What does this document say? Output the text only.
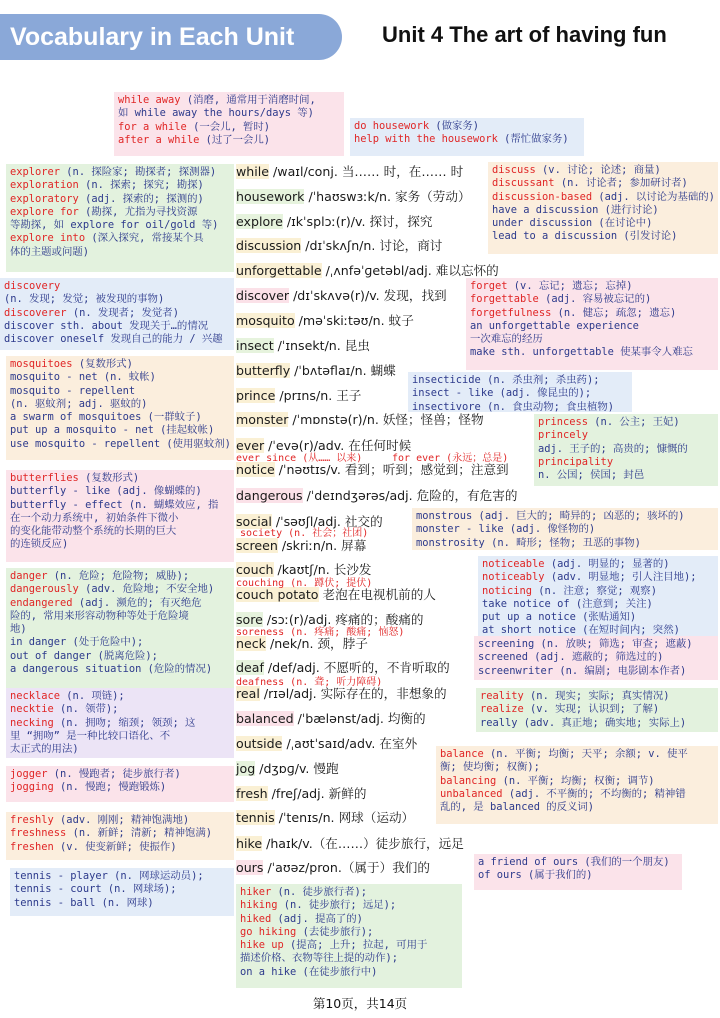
Vocabulary in Each Unit	Unit 4 The art of having fun
while away (消磨, 通常用于消磨时间,
如 while away the hours/days 等)
for a while (一会儿, 暂时)
after a while (过了一会儿)
do housework (做家务)
help with the housework (帮忙做家务)
explorer (n. 探险家; 勘探者; 探测器)
exploration (n. 探索; 探究; 勘探)
exploratory (adj. 探索的; 探测的)
explore for (勘探, 尤指为寻找资源
等勘探, 如 explore for oil/gold 等)
explore into (深入探究, 常接某个具
体的主题或问题)
discuss (v. 讨论; 论述; 商量)
discussant (n. 讨论者; 参加研讨者)
discussion-based (adj. 以讨论为基础的)
have a discussion (进行讨论)
under discussion (在讨论中)
lead to a discussion (引发讨论)
discovery
(n. 发现; 发觉; 被发现的事物)
discoverer (n. 发现者; 发觉者)
discover sth. about 发现关于…的情况
discover oneself 发现自己的能力 / 兴趣
forget (v. 忘记; 遗忘; 忘掉)
forgettable (adj. 容易被忘记的)
forgetfulness (n. 健忘; 疏忽; 遗忘)
an unforgettable experience
一次难忘的经历
make sth. unforgettable 使某事令人难忘
mosquitoes (复数形式)
mosquito - net (n. 蚊帐)
mosquito - repellent
(n. 驱蚊剂; adj. 驱蚊的)
a swarm of mosquitoes (一群蚊子)
put up a mosquito - net (挂起蚊帐)
use mosquito - repellent (使用驱蚊剂)
insecticide (n. 杀虫剂; 杀虫药);
insect - like (adj. 像昆虫的);
insectivore (n. 食虫动物; 食虫植物)
princess (n. 公主; 王妃)
princely
adj. 王子的; 高贵的; 慷慨的
principality
n. 公国; 侯国; 封邑
butterflies (复数形式)
butterfly - like (adj. 像蝴蝶的)
butterfly - effect (n. 蝴蝶效应, 指
在一个动力系统中, 初始条件下微小
的变化能带动整个系统的长期的巨大
的连锁反应)
monstrous (adj. 巨大的; 畸异的; 凶恶的; 骇坏的)
monster - like (adj. 像怪物的)
monstrosity (n. 畸形; 怪物; 丑恶的事物)
danger (n. 危险; 危险物; 威胁);
dangerously (adv. 危险地; 不安全地)
endangered (adj. 濒危的; 有灭绝危
险的, 常用来形容动物种等处于危险境
地)
in danger (处于危险中);
out of danger (脱离危险);
a dangerous situation (危险的情况)
noticeable (adj. 明显的; 显著的)
noticeably (adv. 明显地; 引人注目地);
noticing (n. 注意; 察觉; 观察)
take notice of (注意到; 关注)
put up a notice (张贴通知)
at short notice (在短时间内; 突然)
screening (n. 放映; 筛选; 审查; 遮蔽)
screened (adj. 遮蔽的; 筛选过的)
screenwriter (n. 编剧; 电影剧本作者)
necklace (n. 项链);
necktie (n. 领带);
necking (n. 拥吻; 缩颈; 领颈; 这
里 “拥吻” 是一种比较口语化、不
太正式的用法)
reality (n. 现实; 实际; 真实情况)
realize (v. 实现; 认识到; 了解)
really (adv. 真正地; 确实地; 实际上)
balance (n. 平衡; 均衡; 天平; 余额; v. 使平
衡; 使均衡; 权衡);
balancing (n. 平衡; 均衡; 权衡; 调节)
unbalanced (adj. 不平衡的; 不均衡的; 精神错
乱的, 是 balanced 的反义词)
jogger (n. 慢跑者; 徒步旅行者)
jogging (n. 慢跑; 慢跑锻炼)
freshly (adv. 刚刚; 精神饱满地)
freshness (n. 新鲜; 清新; 精神饱满)
freshen (v. 使变新鲜; 使振作)
a friend of ours (我们的一个朋友)
of ours (属于我们的)
tennis - player (n. 网球运动员);
tennis - court (n. 网球场);
tennis - ball (n. 网球)
hiker (n. 徒步旅行者);
hiking (n. 徒步旅行; 远足);
hiked (adj. 提高了的)
go hiking (去徒步旅行);
hike up (提高; 上升; 拉起, 可用于
描述价格、衣物等往上提的动作);
on a hike (在徒步旅行中)
while /waɪl/conj. 当…… 时，在…… 时
housework /ˈhaʊswɜːk/n. 家务（劳动）
explore /ɪkˈsplɔː(r)/v. 探讨，探究
discussion /dɪˈskʌʃn/n. 讨论，商讨
unforgettable /ˌʌnfəˈɡetəbl/adj. 难以忘怀的
discover /dɪˈskʌvə(r)/v. 发现，找到
mosquito /məˈskiːtəʊ/n. 蚊子
insect /ˈɪnsekt/n. 昆虫
butterfly /ˈbʌtəflaɪ/n. 蝴蝶
prince /prɪns/n. 王子
monster /ˈmɒnstə(r)/n. 妖怪；怪兽；怪物
ever /ˈevə(r)/adv. 在任何时候
notice /ˈnəʊtɪs/v. 看到；听到；感觉到；注意到
dangerous /ˈdeɪndʒərəs/adj. 危险的，有危害的
social /ˈsəʊʃl/adj. 社交的
screen /skriːn/n. 屏幕
couch /kaʊtʃ/n. 长沙发
couch potato 老泡在电视机前的人
sore /sɔː(r)/adj. 疼痛的；酸痛的
neck /nek/n. 颈，脖子
deaf /def/adj. 不愿听的，不肯听取的
real /rɪəl/adj. 实际存在的，非想象的
balanced /ˈbælənst/adj. 均衡的
outside /ˌaʊtˈsaɪd/adv. 在室外
jog /dʒɒɡ/v. 慢跑
fresh /freʃ/adj. 新鲜的
tennis /ˈtenɪs/n. 网球（运动）
hike /haɪk/v.（在……）徒步旅行，远足
ours /ˈaʊəz/pron.（属于）我们的
ever since (从…… 以来)	for ever (永远；总是)
society (n. 社会；社团)
couching (n. 蹲伏; 提伏)
soreness (n. 疼痛; 酸痛; 恼怒)
deafness (n. 聋; 听力障碍)
第10页，共14页
